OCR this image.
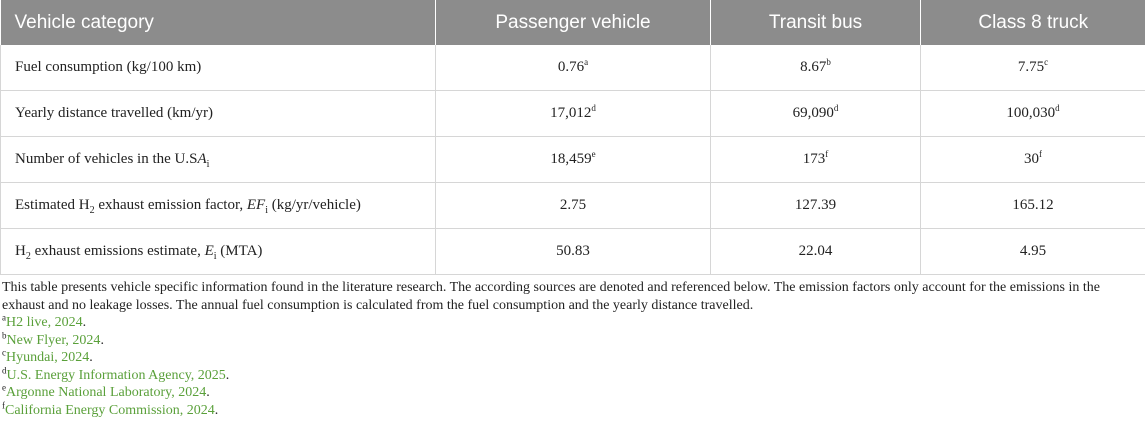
Vehicle category	Passenger vehicle	Transit bus	Class 8 truck
Fuel consumption (kg/100 km)	0.76$^a$	8.67$^b$	7.75$^c$
Yearly distance travelled (km/yr)	17,012$^d$	69,090$^d$	100,030$^d$
Number of vehicles in the $U.SA_i$	18,459e	173$^f$	30$^f$
Estimated $H_2$ exhaust emission factor, $EF_i$ (kg/yr/vehicle)	2.75	127.39	165.12
$H_2$ exhaust emissions estimate, $E_i$ (MTA)	50.83	22.04	4.95

This table presents vehicle specific information found in the literature research. The according sources are denoted and referenced below. The emission factors only account for the emissions in the exhaust and no leakage losses. The annual fuel consumption is calculated from the fuel consumption and the yearly distance travelled.

$^a$H2 live, 2024.

$^b$New Flyer, 2024.

$^c$Hyundai, 2024.

$^d$U.S. Energy Information Agency, 2025.

$^e$Argonne National Laboratory, 2024.

$^f$California Energy Commission, 2024.
